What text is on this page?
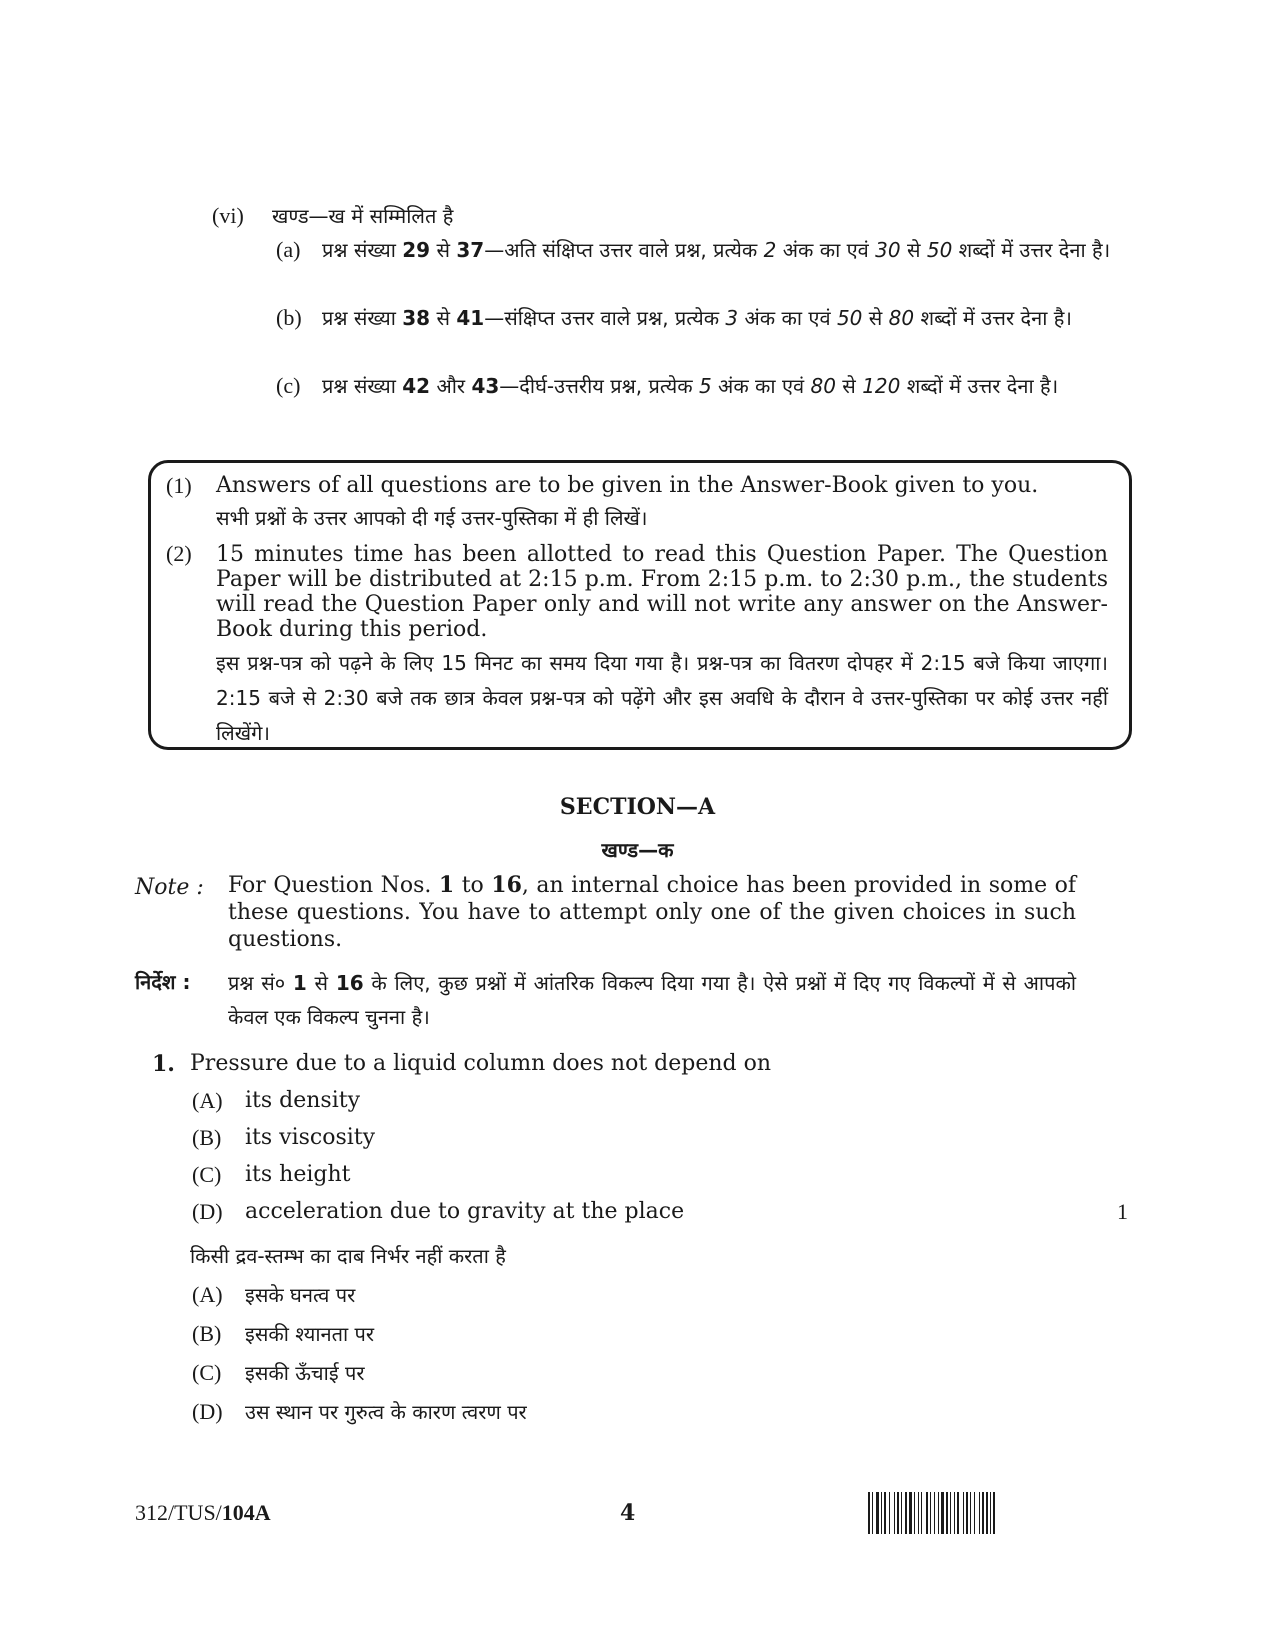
(vi) खण्ड—ख में सम्मिलित है
(a) प्रश्न संख्या 29 से 37—अति संक्षिप्त उत्तर वाले प्रश्न, प्रत्येक 2 अंक का एवं 30 से 50 शब्दों में उत्तर देना है।
(b) प्रश्न संख्या 38 से 41—संक्षिप्त उत्तर वाले प्रश्न, प्रत्येक 3 अंक का एवं 50 से 80 शब्दों में उत्तर देना है।
(c) प्रश्न संख्या 42 और 43—दीर्घ-उत्तरीय प्रश्न, प्रत्येक 5 अंक का एवं 80 से 120 शब्दों में उत्तर देना है।
(1) Answers of all questions are to be given in the Answer-Book given to you.
सभी प्रश्नों के उत्तर आपको दी गई उत्तर-पुस्तिका में ही लिखें।
(2) 15 minutes time has been allotted to read this Question Paper. The Question Paper will be distributed at 2:15 p.m. From 2:15 p.m. to 2:30 p.m., the students will read the Question Paper only and will not write any answer on the Answer-Book during this period.
इस प्रश्न-पत्र को पढ़ने के लिए 15 मिनट का समय दिया गया है। प्रश्न-पत्र का वितरण दोपहर में 2:15 बजे किया जाएगा। 2:15 बजे से 2:30 बजे तक छात्र केवल प्रश्न-पत्र को पढ़ेंगे और इस अवधि के दौरान वे उत्तर-पुस्तिका पर कोई उत्तर नहीं लिखेंगे।
SECTION—A
खण्ड—क
Note : For Question Nos. 1 to 16, an internal choice has been provided in some of these questions. You have to attempt only one of the given choices in such questions.
निर्देश : प्रश्न सं० 1 से 16 के लिए, कुछ प्रश्नों में आंतरिक विकल्प दिया गया है। ऐसे प्रश्नों में दिए गए विकल्पों में से आपको केवल एक विकल्प चुनना है।
1. Pressure due to a liquid column does not depend on
(A) its density
(B) its viscosity
(C) its height
(D) acceleration due to gravity at the place	1
किसी द्रव-स्तम्भ का दाब निर्भर नहीं करता है
(A) इसके घनत्व पर
(B) इसकी श्यानता पर
(C) इसकी ऊँचाई पर
(D) उस स्थान पर गुरुत्व के कारण त्वरण पर
312/TUS/104A	4
